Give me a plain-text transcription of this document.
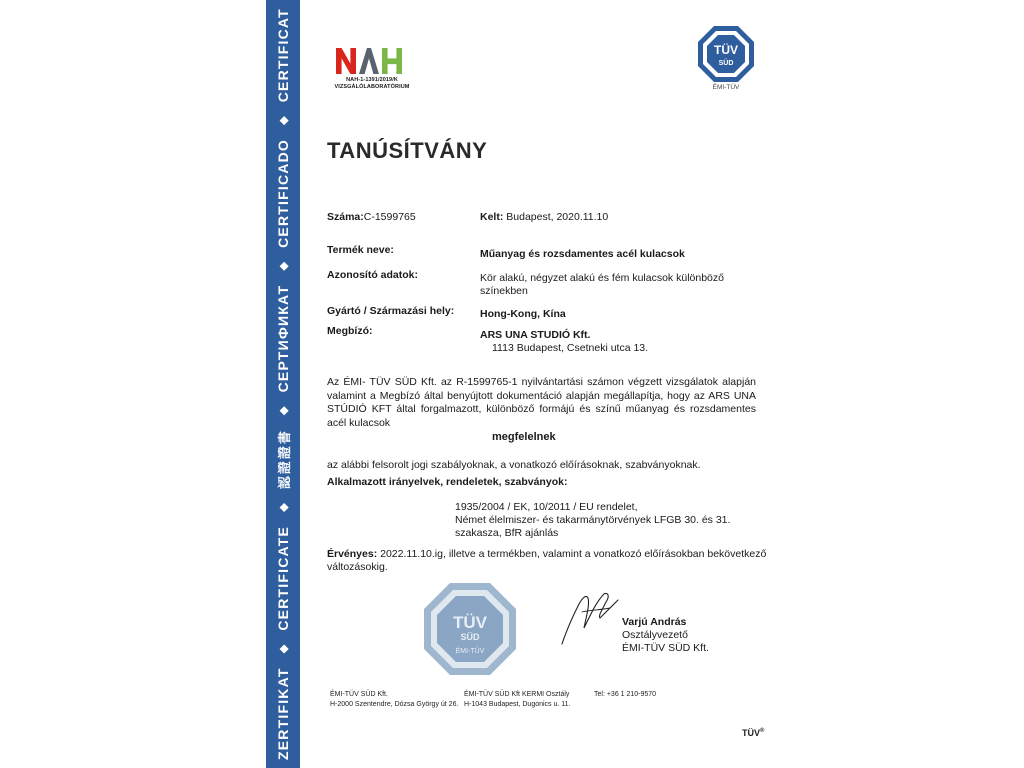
ZERTIFIKAT
◆
CERTIFICATE
◆
認證證書
◆
СЕРТИФИКАТ
◆
CERTIFICADO
◆
CERTIFICAT	NAH-1-1391/2019/K
VIZSGÁLÓLABORATÓRIUM
TÜV
SÜD
ÉMI-TÜV
TANÚSÍTVÁNY
Száma:C-1599765	Kelt: Budapest, 2020.11.10
Termék neve:	Műanyag és rozsdamentes acél kulacsok
Azonosító adatok:	Kör alakú, négyzet alakú és fém kulacsok különböző
színekben
Gyártó / Származási hely: Hong-Kong, Kína
Megbízó:	ARS UNA STUDIÓ Kft.
1113 Budapest, Csetneki utca 13.
Az ÉMI- TÜV SÜD Kft. az R-1599765-1 nyilvántartási számon végzett vizsgálatok alapján valamint a Megbízó által benyújtott dokumentáció alapján megállapítja, hogy az ARS UNA STÚDIÓ KFT által forgalmazott, különböző formájú és színű műanyag és rozsdamentes acél kulacsok
megfelelnek
az alábbi felsorolt jogi szabályoknak, a vonatkozó előírásoknak, szabványoknak.
Alkalmazott irányelvek, rendeletek, szabványok:
1935/2004 / EK, 10/2011 / EU rendelet,
Német élelmiszer- és takarmánytörvények LFGB 30. és 31.
szakasza, BfR ajánlás
Érvényes: 2022.11.10.ig, illetve a termékben, valamint a vonatkozó előírásokban bekövetkező
változásokig.
TÜV
SÜD
ÉMI-TÜV
Varjú András
Osztályvezető
ÉMI-TÜV SÜD Kft.
ÉMI-TÜV SÜD Kft.
H-2000 Szentendre, Dózsa György út 26.
ÉMI-TÜV SÜD Kft KERMI Osztály
H-1043 Budapest, Dugonics u. 11.
Tel: +36 1 210-9570
TÜV®
